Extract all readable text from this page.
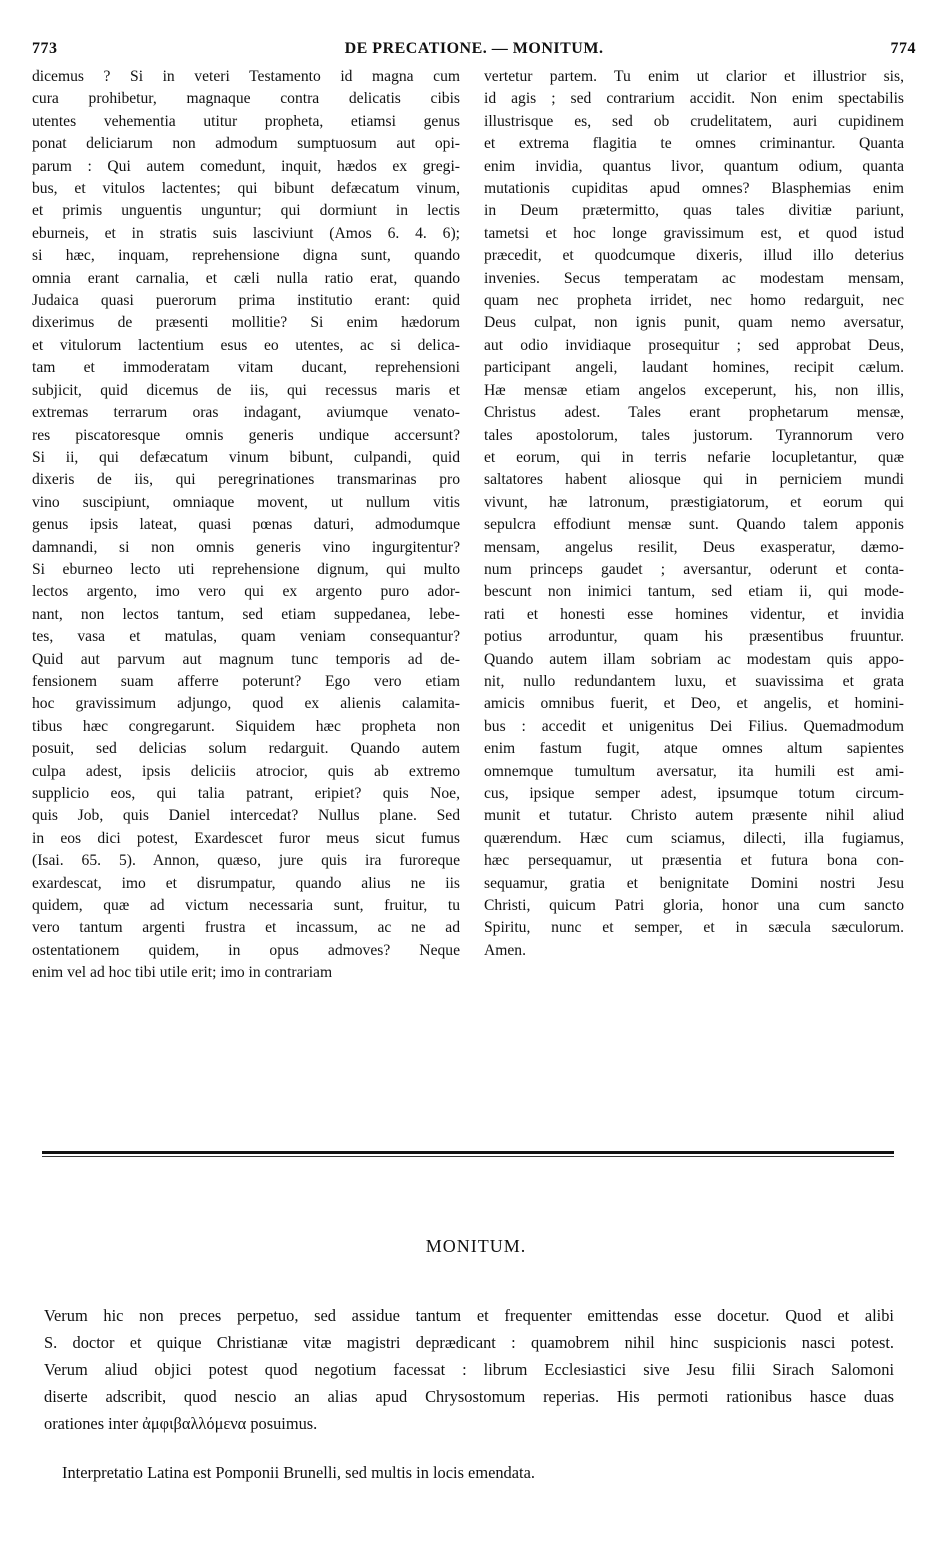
773	DE PRECATIONE. — MONITUM.	774
dicemus ? Si in veteri Testamento id magna cum
cura prohibetur, magnaque contra delicatis cibis
utentes vehementia utitur propheta, etiamsi genus
ponat deliciarum non admodum sumptuosum aut opi-
parum : Qui autem comedunt, inquit, hædos ex gregi-
bus, et vitulos lactentes; qui bibunt defæcatum vinum,
et primis unguentis unguntur; qui dormiunt in lectis
eburneis, et in stratis suis lasciviunt (Amos 6. 4. 6);
si hæc, inquam, reprehensione digna sunt, quando
omnia erant carnalia, et cæli nulla ratio erat, quando
Judaica quasi puerorum prima institutio erant: quid
dixerimus de præsenti mollitie? Si enim hædorum
et vitulorum lactentium esus eo utentes, ac si delica-
tam et immoderatam vitam ducant, reprehensioni
subjicit, quid dicemus de iis, qui recessus maris et
extremas terrarum oras indagant, aviumque venato-
res piscatoresque omnis generis undique accersunt?
Si ii, qui defæcatum vinum bibunt, culpandi, quid
dixeris de iis, qui peregrinationes transmarinas pro
vino suscipiunt, omniaque movent, ut nullum vitis
genus ipsis lateat, quasi pœnas daturi, admodumque
damnandi, si non omnis generis vino ingurgitentur?
Si eburneo lecto uti reprehensione dignum, qui multo
lectos argento, imo vero qui ex argento puro ador-
nant, non lectos tantum, sed etiam suppedanea, lebe-
tes, vasa et matulas, quam veniam consequantur?
Quid aut parvum aut magnum tunc temporis ad de-
fensionem suam afferre poterunt? Ego vero etiam
hoc gravissimum adjungo, quod ex alienis calamita-
tibus hæc congregarunt. Siquidem hæc propheta non
posuit, sed delicias solum redarguit. Quando autem
culpa adest, ipsis deliciis atrocior, quis ab extremo
supplicio eos, qui talia patrant, eripiet? quis Noe,
quis Job, quis Daniel intercedat? Nullus plane. Sed
in eos dici potest, Exardescet furor meus sicut fumus
(Isai. 65. 5). Annon, quæso, jure quis ira furoreque
exardescat, imo et disrumpatur, quando alius ne iis
quidem, quæ ad victum necessaria sunt, fruitur, tu
vero tantum argenti frustra et incassum, ac ne ad
ostentationem quidem, in opus admoves? Neque
enim vel ad hoc tibi utile erit; imo in contrariam
vertetur partem. Tu enim ut clarior et illustrior sis,
id agis ; sed contrarium accidit. Non enim spectabilis
illustrisque es, sed ob crudelitatem, auri cupidinem
et extrema flagitia te omnes criminantur. Quanta
enim invidia, quantus livor, quantum odium, quanta
mutationis cupiditas apud omnes? Blasphemias enim
in Deum prætermitto, quas tales divitiæ pariunt,
tametsi et hoc longe gravissimum est, et quod istud
præcedit, et quodcumque dixeris, illud illo deterius
invenies. Secus temperatam ac modestam mensam,
quam nec propheta irridet, nec homo redarguit, nec
Deus culpat, non ignis punit, quam nemo aversatur,
aut odio invidiaque prosequitur ; sed approbat Deus,
participant angeli, laudant homines, recipit cælum.
Hæ mensæ etiam angelos exceperunt, his, non illis,
Christus adest. Tales erant prophetarum mensæ,
tales apostolorum, tales justorum. Tyrannorum vero
et eorum, qui in terris nefarie locupletantur, quæ
saltatores habent aliosque qui in perniciem mundi
vivunt, hæ latronum, præstigiatorum, et eorum qui
sepulcra effodiunt mensæ sunt. Quando talem apponis
mensam, angelus resilit, Deus exasperatur, dæmo-
num princeps gaudet ; aversantur, oderunt et conta-
bescunt non inimici tantum, sed etiam ii, qui mode-
rati et honesti esse homines videntur, et invidia
potius arroduntur, quam his præsentibus fruuntur.
Quando autem illam sobriam ac modestam quis appo-
nit, nullo redundantem luxu, et suavissima et grata
amicis omnibus fuerit, et Deo, et angelis, et homini-
bus : accedit et unigenitus Dei Filius. Quemadmodum
enim fastum fugit, atque omnes altum sapientes
omnemque tumultum aversatur, ita humili est ami-
cus, ipsique semper adest, ipsumque totum circum-
munit et tutatur. Christo autem præsente nihil aliud
quærendum. Hæc cum sciamus, dilecti, illa fugiamus,
hæc persequamur, ut præsentia et futura bona con-
sequamur, gratia et benignitate Domini nostri Jesu
Christi, quicum Patri gloria, honor una cum sancto
Spiritu, nunc et semper, et in sæcula sæculorum.
Amen.
MONITUM.
Verum hic non preces perpetuo, sed assidue tantum et frequenter emittendas esse docetur. Quod et alibi
S. doctor et quique Christianæ vitæ magistri deprædicant : quamobrem nihil hinc suspicionis nasci potest.
Verum aliud objici potest quod negotium facessat : librum Ecclesiastici sive Jesu filii Sirach Salomoni
diserte adscribit, quod nescio an alias apud Chrysostomum reperias. His permoti rationibus hasce duas
orationes inter ἀμφιβαλλόμενα posuimus.
Interpretatio Latina est Pomponii Brunelli, sed multis in locis emendata.
